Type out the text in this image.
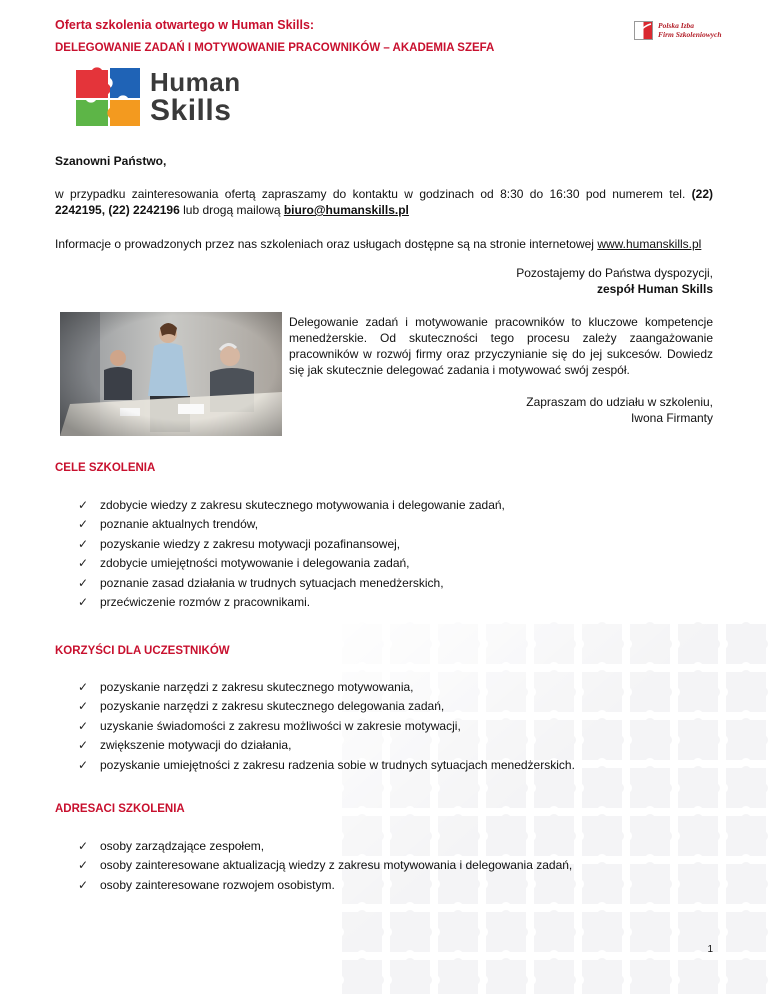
Oferta szkolenia otwartego w Human Skills:
DELEGOWANIE ZADAŃ I MOTYWOWANIE PRACOWNIKÓW – AKADEMIA SZEFA
Polska Izba
Firm Szkoleniowych
Human
Skills
Szanowni Państwo,
w przypadku zainteresowania ofertą zapraszamy do kontaktu w godzinach od 8:30 do 16:30 pod numerem tel. (22) 2242195, (22) 2242196 lub drogą mailową biuro@humanskills.pl
Informacje o prowadzonych przez nas szkoleniach oraz usługach dostępne są na stronie internetowej www.humanskills.pl
Pozostajemy do Państwa dyspozycji,
zespół Human Skills
Delegowanie zadań i motywowanie pracowników to kluczowe kompetencje menedżerskie. Od skuteczności tego procesu zależy zaangażowanie pracowników w rozwój firmy oraz przyczynianie się do jej sukcesów. Dowiedz się jak skutecznie delegować zadania i motywować swój zespół.
Zapraszam do udziału w szkoleniu,
Iwona Firmanty
CELE SZKOLENIA
✓ zdobycie wiedzy z zakresu skutecznego motywowania i delegowanie zadań,
✓ poznanie aktualnych trendów,
✓ pozyskanie wiedzy z zakresu motywacji pozafinansowej,
✓ zdobycie umiejętności motywowanie i delegowania zadań,
✓ poznanie zasad działania w trudnych sytuacjach menedżerskich,
✓ przećwiczenie rozmów z pracownikami.
KORZYŚCI DLA UCZESTNIKÓW
✓ pozyskanie narzędzi z zakresu skutecznego motywowania,
✓ pozyskanie narzędzi z zakresu skutecznego delegowania zadań,
✓ uzyskanie świadomości z zakresu możliwości w zakresie motywacji,
✓ zwiększenie motywacji do działania,
✓ pozyskanie umiejętności z zakresu radzenia sobie w trudnych sytuacjach menedżerskich.
ADRESACI SZKOLENIA
✓ osoby zarządzające zespołem,
✓ osoby zainteresowane aktualizacją wiedzy z zakresu motywowania i delegowania zadań,
✓ osoby zainteresowane rozwojem osobistym.
1
